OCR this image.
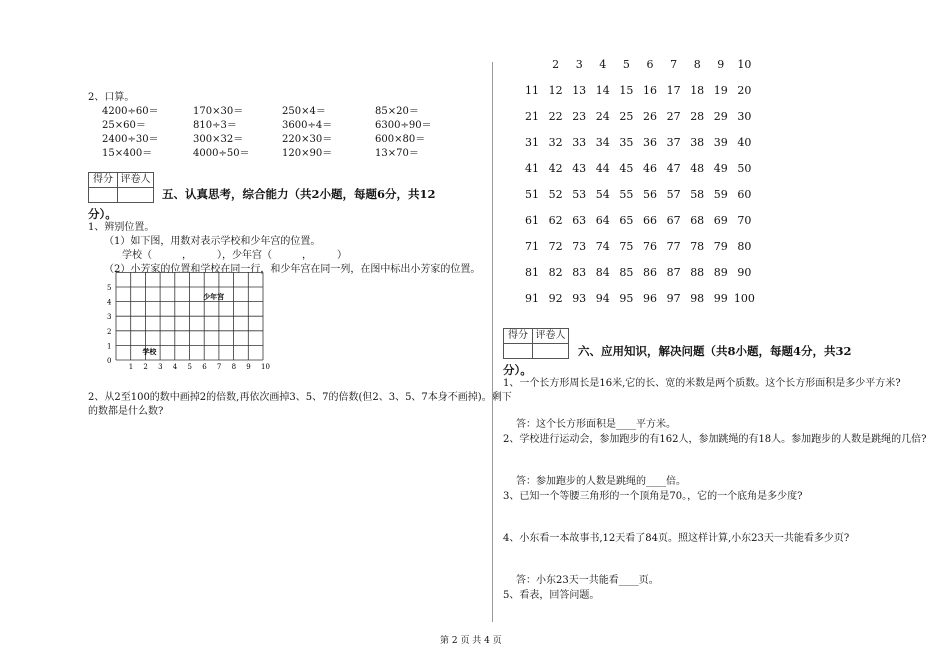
2、口算。
4200÷60＝	170×30＝	250×4＝	85×20＝
25×60＝	810÷3＝	3600÷4＝	6300÷90＝
2400÷30＝	300×32＝	220×30＝	600×80＝
15×400＝	4000÷50＝	120×90＝	13×70＝
得分 评卷人
五、认真思考，综合能力（共2小题，每题6分，共12
分）。
1、辨别位置。
（1）如下图，用数对表示学校和少年宫的位置。
学校（　　　，　　　），少年宫（　　　，　　　）
（2）小芳家的位置和学校在同一行，和少年宫在同一列，在图中标出小芳家的位置。
0
1
2
3
4
5
1 2 3 4 5 6 7 8 9 10
学校
少年宫
2、从2至100的数中画掉2的倍数,再依次画掉3、5、7的倍数(但2、3、5、7本身不画掉)。剩下
的数都是什么数?
2	3	4	5	6	7	8	9	10
11 12 13 14 15 16 17 18 19 20
21 22 23 24 25 26 27 28 29 30
31 32 33 34 35 36 37 38 39 40
41 42 43 44 45 46 47 48 49 50
51 52 53 54 55 56 57 58 59 60
61 62 63 64 65 66 67 68 69 70
71 72 73 74 75 76 77 78 79 80
81 82 83 84 85 86 87 88 89 90
91 92 93 94 95 96 97 98 99 100
得分 评卷人
六、应用知识，解决问题（共8小题，每题4分，共32
分）。
1、一个长方形周长是16米,它的长、宽的米数是两个质数。这个长方形面积是多少平方米?
答：这个长方形面积是____平方米。
2、学校进行运动会，参加跑步的有162人，参加跳绳的有18人。参加跑步的人数是跳绳的几倍?
答：参加跑步的人数是跳绳的____倍。
3、已知一个等腰三角形的一个顶角是70。，它的一个底角是多少度?
4、小东看一本故事书,12天看了84页。照这样计算,小东23天一共能看多少页?
答：小东23天一共能看____页。
5、看表，回答问题。
第 2 页 共 4 页
